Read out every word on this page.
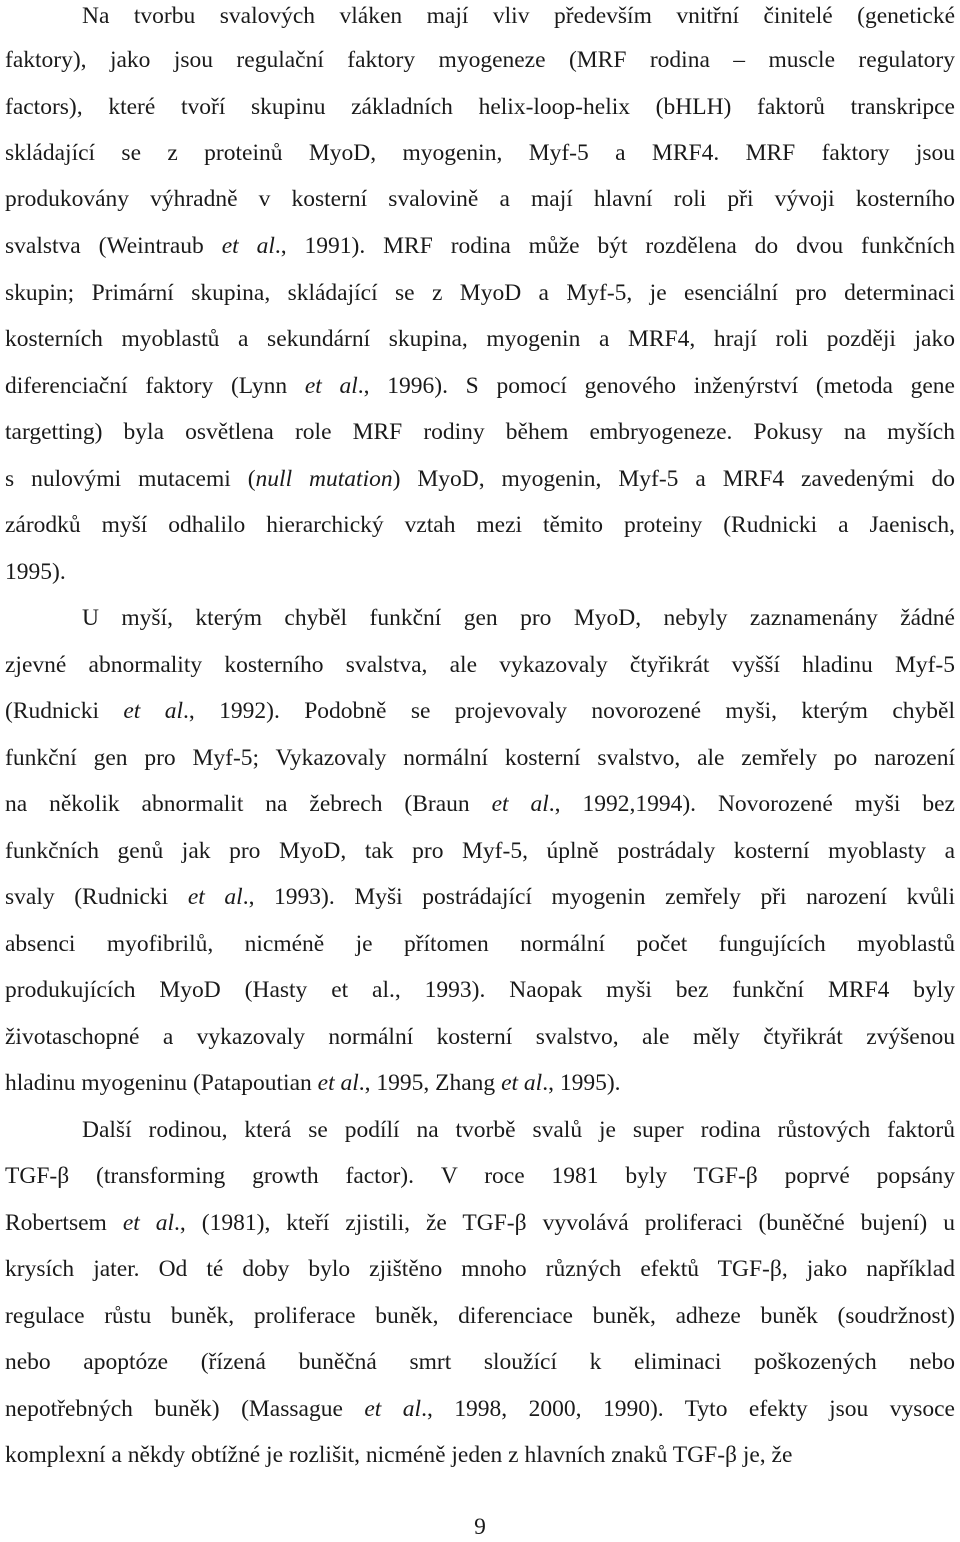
Na tvorbu svalových vláken mají vliv především vnitřní činitelé (genetické
faktory), jako jsou regulační faktory myogeneze (MRF rodina – muscle regulatory
factors), které tvoří skupinu základních helix-loop-helix (bHLH) faktorů transkripce
skládající se z proteinů MyoD, myogenin, Myf-5 a MRF4. MRF faktory jsou
produkovány výhradně v kosterní svalovině a mají hlavní roli při vývoji kosterního
svalstva (Weintraub et al., 1991). MRF rodina může být rozdělena do dvou funkčních
skupin; Primární skupina, skládající se z MyoD a Myf-5, je esenciální pro determinaci
kosterních myoblastů a sekundární skupina, myogenin a MRF4, hrají roli později jako
diferenciační faktory (Lynn et al., 1996). S pomocí genového inženýrství (metoda gene
targetting) byla osvětlena role MRF rodiny během embryogeneze. Pokusy na myších
s nulovými mutacemi (null mutation) MyoD, myogenin, Myf-5 a MRF4 zavedenými do
zárodků myší odhalilo hierarchický vztah mezi těmito proteiny (Rudnicki a Jaenisch,
1995).
U myší, kterým chyběl funkční gen pro MyoD, nebyly zaznamenány žádné
zjevné abnormality kosterního svalstva, ale vykazovaly čtyřikrát vyšší hladinu Myf-5
(Rudnicki et al., 1992). Podobně se projevovaly novorozené myši, kterým chyběl
funkční gen pro Myf-5; Vykazovaly normální kosterní svalstvo, ale zemřely po narození
na několik abnormalit na žebrech (Braun et al., 1992,1994). Novorozené myši bez
funkčních genů jak pro MyoD, tak pro Myf-5, úplně postrádaly kosterní myoblasty a
svaly (Rudnicki et al., 1993). Myši postrádající myogenin zemřely při narození kvůli
absenci myofibrilů, nicméně je přítomen normální počet fungujících myoblastů
produkujících MyoD (Hasty et al., 1993). Naopak myši bez funkční MRF4 byly
životaschopné a vykazovaly normální kosterní svalstvo, ale měly čtyřikrát zvýšenou
hladinu myogeninu (Patapoutian et al., 1995, Zhang et al., 1995).
Další rodinou, která se podílí na tvorbě svalů je super rodina růstových faktorů
TGF-β (transforming growth factor). V roce 1981 byly TGF-β poprvé popsány
Robertsem et al., (1981), kteří zjistili, že TGF-β vyvolává proliferaci (buněčné bujení) u
krysích jater. Od té doby bylo zjištěno mnoho různých efektů TGF-β, jako například
regulace růstu buněk, proliferace buněk, diferenciace buněk, adheze buněk (soudržnost)
nebo apoptóze (řízená buněčná smrt sloužící k eliminaci poškozených nebo
nepotřebných buněk) (Massague et al., 1998, 2000, 1990). Tyto efekty jsou vysoce
komplexní a někdy obtížné je rozlišit, nicméně jeden z hlavních znaků TGF-β je, že
9
